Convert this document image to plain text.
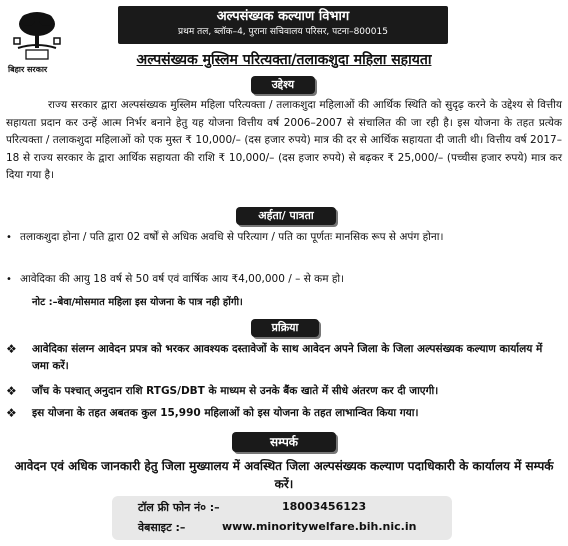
बिहार सरकार
अल्पसंख्यक कल्याण विभाग
प्रथम तल, ब्लॉक–4, पुराना सचिवालय परिसर, पटना–800015
अल्पसंख्यक मुस्लिम परित्यक्ता/तलाकशुदा महिला सहायता
उद्देश्य
राज्य सरकार द्वारा अल्पसंख्यक मुस्लिम महिला परित्यक्ता / तलाकशुदा महिलाओं की आर्थिक स्थिति को सुदृढ़ करने के उद्देश्य से वित्तीय सहायता प्रदान कर उन्हें आत्म निर्भर बनाने हेतु यह योजना वित्तीय वर्ष 2006–2007 से संचालित की जा रही है। इस योजना के तहत प्रत्येक परित्यक्ता / तलाकशुदा महिलाओं को एक मुस्त ₹ 10,000/– (दस हजार रुपये) मात्र की दर से आर्थिक सहायता दी जाती थी। वित्तीय वर्ष 2017–18 से राज्य सरकार के द्वारा आर्थिक सहायता की राशि ₹ 10,000/– (दस हजार रुपये) से बढ़कर ₹ 25,000/– (पच्चीस हजार रुपये) मात्र कर दिया गया है।
अर्हता/ पात्रता
• तलाकशुदा होना / पति द्वारा 02 वर्षों से अधिक अवधि से परित्याग / पति का पूर्णतः मानसिक रूप से अपंग होना।
• आवेदिका की आयु 18 वर्ष से 50 वर्ष एवं वार्षिक आय ₹4,00,000 / – से कम हो।
नोट :–बेवा/मोसमात महिला इस योजना के पात्र नही होंगी।
प्रक्रिया
❖	आवेदिका संलग्न आवेदन प्रपत्र को भरकर आवश्यक दस्तावेजों के साथ आवेदन अपने जिला के जिला अल्पसंख्यक कल्याण कार्यालय में जमा करें।
❖	जाँच के पश्चात् अनुदान राशि RTGS/DBT के माध्यम से उनके बैंक खाते में सीधे अंतरण कर दी जाएगी।
❖	इस योजना के तहत अबतक कुल 15,990 महिलाओं को इस योजना के तहत लाभान्वित किया गया।
सम्पर्क
आवेदन एवं अधिक जानकारी हेतु जिला मुख्यालय में अवस्थित जिला अल्पसंख्यक कल्याण पदाधिकारी के कार्यालय में सम्पर्क करें।
टॉल फ्री फोन नं० :–	18003456123
वेबसाइट :–	www.minoritywelfare.bih.nic.in
